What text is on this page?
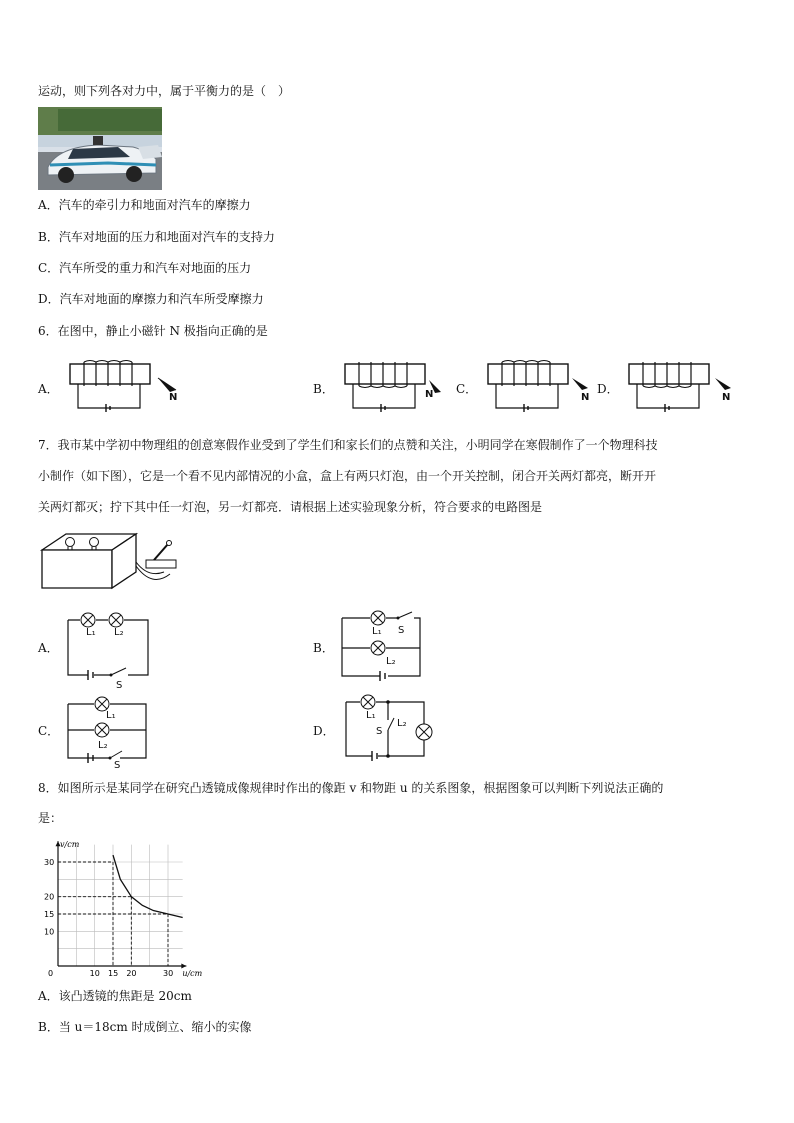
运动，则下列各对力中，属于平衡力的是（　）
A．汽车的牵引力和地面对汽车的摩擦力
B．汽车对地面的压力和地面对汽车的支持力
C．汽车所受的重力和汽车对地面的压力
D．汽车对地面的摩擦力和汽车所受摩擦力
6．在图中，静止小磁针 N 极指向正确的是
A．	B．	C．	D．
N	N	N	N
7．我市某中学初中物理组的创意寒假作业受到了学生们和家长们的点赞和关注，小明同学在寒假制作了一个物理科技
小制作（如下图），它是一个看不见内部情况的小盒，盒上有两只灯泡，由一个开关控制，闭合开关两灯都亮，断开开
关两灯都灭；拧下其中任一灯泡，另一灯都亮．请根据上述实验现象分析，符合要求的电路图是
A．	B．
C．	D．
L₁ L₂
S
L₁ S
L₂
L₁
L₂
S
L₁
S
L₂
8．如图所示是某同学在研究凸透镜成像规律时作出的像距 v 和物距 u 的关系图象，根据图象可以判断下列说法正确的
是：
u/cm
v/cm
0	10 15 20	30
10
15
20
30
A．该凸透镜的焦距是 20cm
B．当 u＝18cm 时成倒立、缩小的实像
